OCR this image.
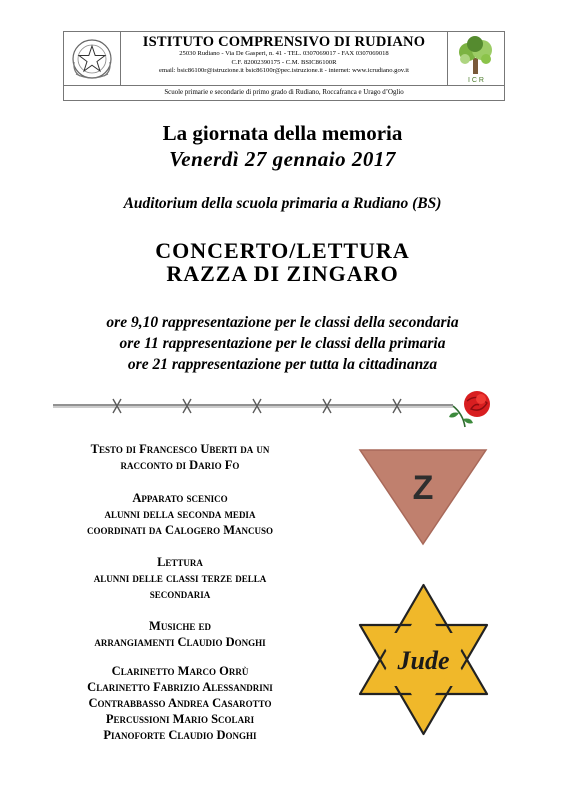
ISTITUTO COMPRENSIVO DI RUDIANO
25030 Rudiano - Via De Gasperi, n. 41 - TEL. 0307069017 - FAX 0307069018
C.F. 82002390175 - C.M. BSIC86100R
email: bsic86100r@istruzione.it bsic86100r@pec.istruzione.it - internet: www.icrudiano.gov.it
I C R
Scuole primarie e secondarie di primo grado di Rudiano, Roccafranca e Urago d’Oglio
La giornata della memoria
Venerdì 27 gennaio 2017
Auditorium della scuola primaria a Rudiano (BS)
CONCERTO/LETTURA
RAZZA DI ZINGARO
ore 9,10 rappresentazione per le classi della secondaria
ore 11 rappresentazione per le classi della primaria
ore 21 rappresentazione per tutta la cittadinanza
Testo di Francesco Uberti da un
racconto di Dario Fo
Apparato scenico
alunni della seconda media
coordinati da Calogero Mancuso
Lettura
alunni delle classi terze della
secondaria
Musiche ed
arrangiamenti Claudio Donghi
Clarinetto Marco Orrù
Clarinetto Fabrizio Alessandrini
Contrabbasso Andrea Casarotto
Percussioni Mario Scolari
Pianoforte Claudio Donghi
Z
Jude
